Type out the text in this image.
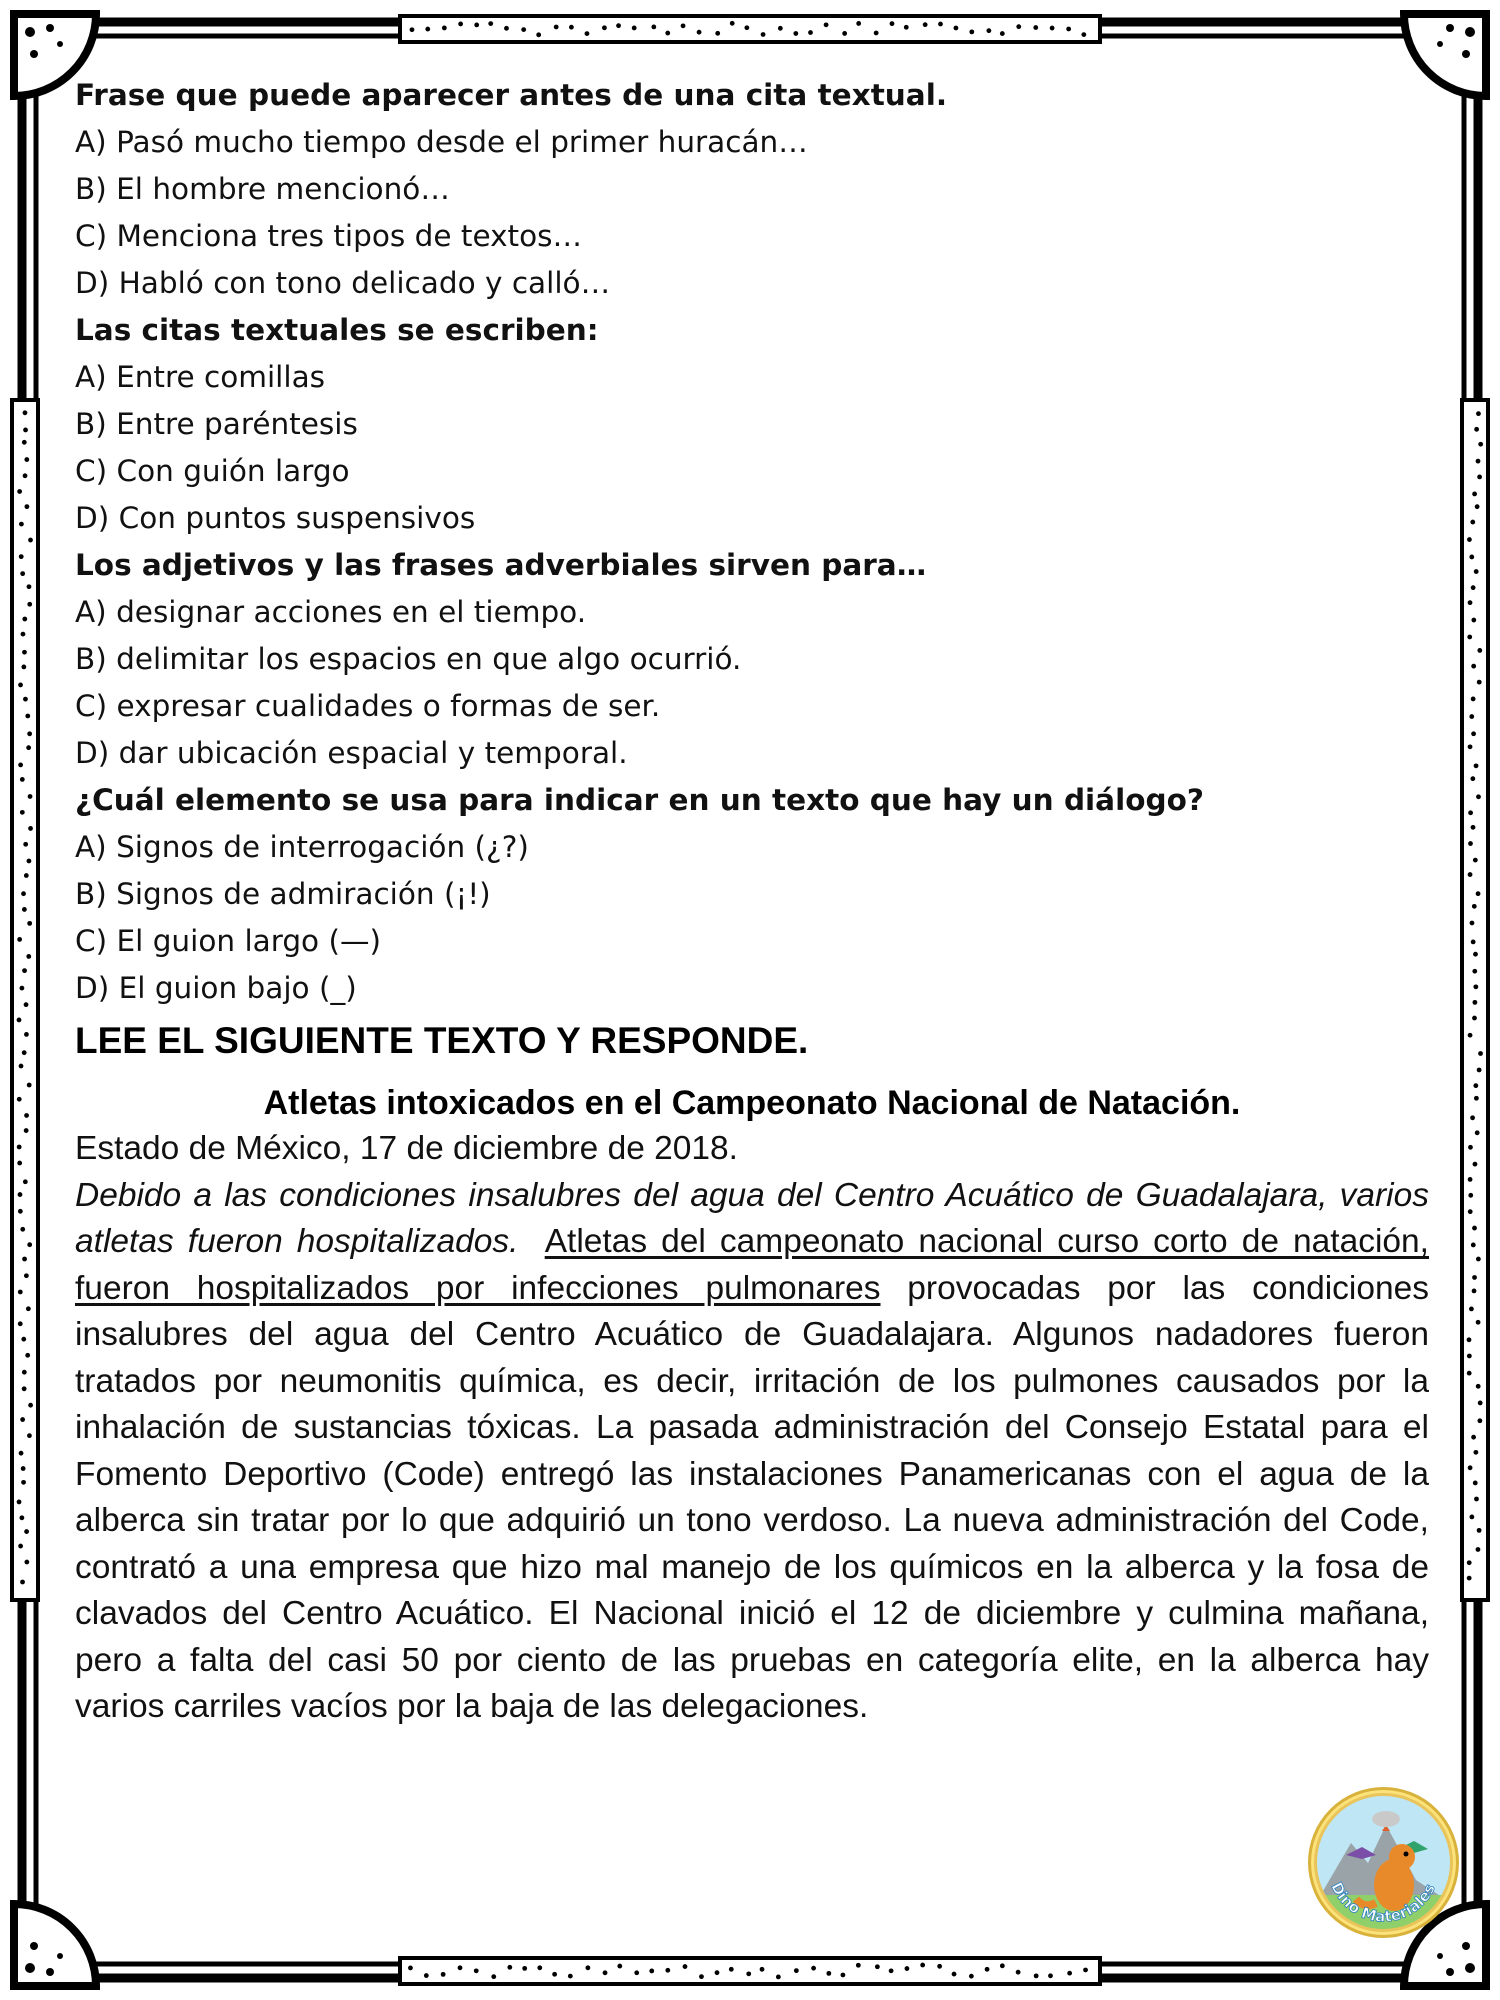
Frase que puede aparecer antes de una cita textual.
A) Pasó mucho tiempo desde el primer huracán…
B) El hombre mencionó…
C) Menciona tres tipos de textos…
D) Habló con tono delicado y calló…
Las citas textuales se escriben:
A) Entre comillas
B) Entre paréntesis
C) Con guión largo
D) Con puntos suspensivos
Los adjetivos y las frases adverbiales sirven para…
A) designar acciones en el tiempo.
B) delimitar los espacios en que algo ocurrió.
C) expresar cualidades o formas de ser.
D) dar ubicación espacial y temporal.
¿Cuál elemento se usa para indicar en un texto que hay un diálogo?
A) Signos de interrogación (¿?)
B) Signos de admiración (¡!)
C) El guion largo (—)
D) El guion bajo (_)
LEE EL SIGUIENTE TEXTO Y RESPONDE.
Atletas intoxicados en el Campeonato Nacional de Natación.
Estado de México, 17 de diciembre de 2018.
Debido a las condiciones insalubres del agua del Centro Acuático de Guadalajara, varios atletas fueron hospitalizados. Atletas del campeonato nacional curso corto de natación, fueron hospitalizados por infecciones pulmonares provocadas por las condiciones insalubres del agua del Centro Acuático de Guadalajara. Algunos nadadores fueron tratados por neumonitis química, es decir, irritación de los pulmones causados por la inhalación de sustancias tóxicas. La pasada administración del Consejo Estatal para el Fomento Deportivo (Code) entregó las instalaciones Panamericanas con el agua de la alberca sin tratar por lo que adquirió un tono verdoso. La nueva administración del Code, contrató a una empresa que hizo mal manejo de los químicos en la alberca y la fosa de clavados del Centro Acuático. El Nacional inició el 12 de diciembre y culmina mañana, pero a falta del casi 50 por ciento de las pruebas en categoría elite, en la alberca hay varios carriles vacíos por la baja de las delegaciones.
Dino Materiales
